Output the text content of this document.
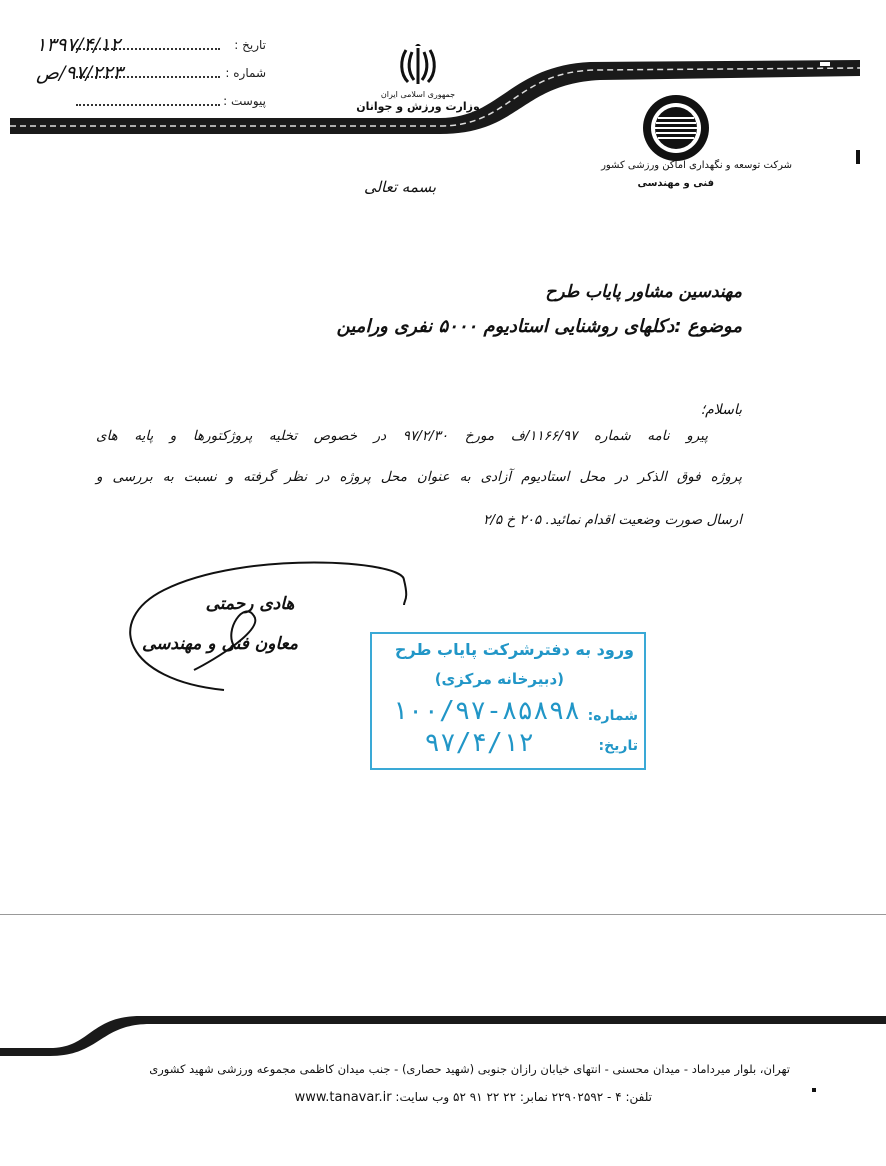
تاریخ :
۱۳۹۷/۴/۱۲
شماره :
۹۷/۲۲۳/ص
پیوست :	جمهوری اسلامی ایران
وزارت ورزش و جوانان
شرکت توسعه و نگهداری اماکن ورزشی کشور
فنی و مهندسی
بسمه تعالی
مهندسین مشاور پایاب طرح
موضوع :دکلهای روشنایی استادیوم ۵۰۰۰ نفری ورامین
باسلام؛
پیرو نامه شماره ۱۱۶۶/۹۷/ف مورخ ۹۷/۲/۳۰ در خصوص تخلیه پروژکتورها و پایه های
پروژه فوق الذکر در محل استادیوم آزادی به عنوان محل پروژه در نظر گرفته و نسبت به بررسی و
ارسال صورت وضعیت اقدام نمائید. ۲۰۵ خ ۲/۵
هادی رحمتی
معاون فنی و مهندسی	ورود به دفترشرکت پایاب طرح
(دبیرخانه مرکزی)
شماره:
۱۰۰/۹۷-۸۵۸۹۸
تاریخ:
۹۷/۴/۱۲
تهران، بلوار میرداماد - میدان محسنی - انتهای خیابان رازان جنوبی (شهید حصاری) - جنب میدان کاظمی مجموعه ورزشی شهید کشوری
تلفن: ۴ - ۲۲۹۰۲۵۹۲ نمابر: ۲۲ ۲۲ ۹۱ ۵۲ وب سایت: www.tanavar.ir
